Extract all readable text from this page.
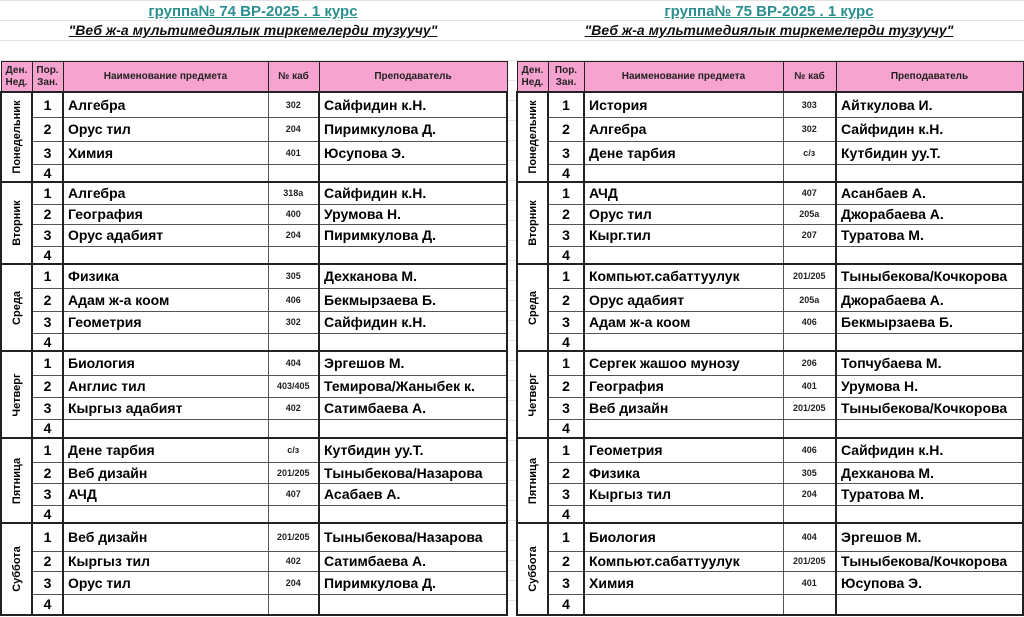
группа№ 74 ВР-2025 . 1 курс
"Веб ж-а мультимедиялык тиркемелерди тузуучу"
Ден. Нед.	Пор. Зан.	Наименование предмета	№ каб	Преподаватель

Понедельник	1	Алгебра	302	Сайфидин к.Н.
	2	Орус тил	204	Пиримкулова Д.
	3	Химия	401	Юсупова Э.
	4			

Вторник	1	Алгебра	318а	Сайфидин к.Н.
	2	География	400	Урумова Н.
	3	Орус адабият	204	Пиримкулова Д.
	4			

Среда	1	Физика	305	Дехканова М.
	2	Адам ж-а коом	406	Бекмырзаева Б.
	3	Геометрия	302	Сайфидин к.Н.
	4			

Четверг	1	Биология	404	Эргешов М.
	2	Англис тил	403/405	Темирова/Жаныбек к.
	3	Кыргыз адабият	402	Сатимбаева А.
	4			

Пятница	1	Дене тарбия	с/з	Кутбидин уу.Т.
	2	Веб дизайн	201/205	Тыныбекова/Назарова
	3	АЧД	407	Асабаев А.
	4			

Суббота	1	Веб дизайн	201/205	Тыныбекова/Назарова
	2	Кыргыз тил	402	Сатимбаева А.
	3	Орус тил	204	Пиримкулова Д.
	4			
группа№ 75 ВР-2025 . 1 курс
"Веб ж-а мультимедиялык тиркемелерди тузуучу"
Ден. Нед.	Пор. Зан.	Наименование предмета	№ каб	Преподаватель

Понедельник	1	История	303	Айткулова И.
	2	Алгебра	302	Сайфидин к.Н.
	3	Дене тарбия	с/з	Кутбидин уу.Т.
	4			

Вторник	1	АЧД	407	Асанбаев А.
	2	Орус тил	205а	Джорабаева А.
	3	Кырг.тил	207	Туратова М.
	4			

Среда	1	Компьют.сабаттуулук	201/205	Тыныбекова/Кочкорова
	2	Орус адабият	205а	Джорабаева А.
	3	Адам ж-а коом	406	Бекмырзаева Б.
	4			

Четверг	1	Сергек жашоо мунозу	206	Топчубаева М.
	2	География	401	Урумова Н.
	3	Веб дизайн	201/205	Тыныбекова/Кочкорова
	4			

Пятница	1	Геометрия	406	Сайфидин к.Н.
	2	Физика	305	Дехканова М.
	3	Кыргыз тил	204	Туратова М.
	4			

Суббота	1	Биология	404	Эргешов М.
	2	Компьют.сабаттуулук	201/205	Тыныбекова/Кочкорова
	3	Химия	401	Юсупова Э.
	4			
